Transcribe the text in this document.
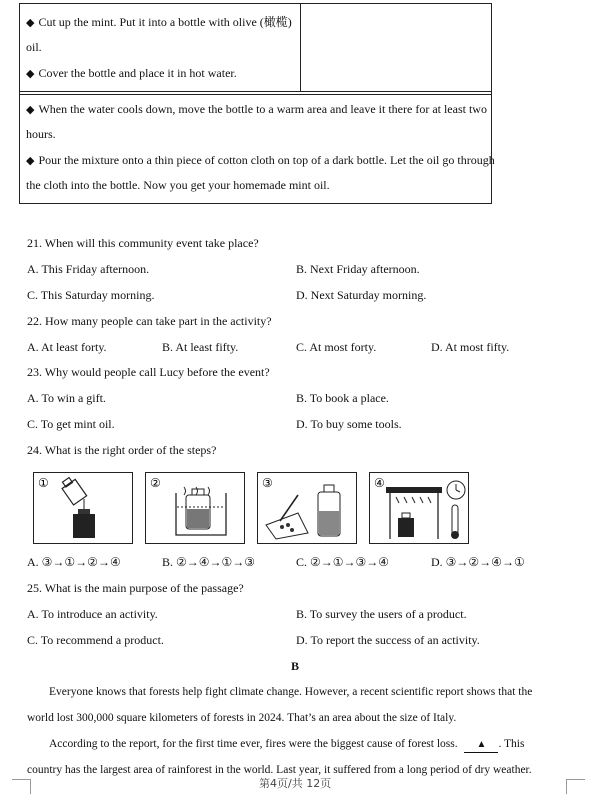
◆ Cut up the mint. Put it into a bottle with olive (橄榄)
oil.
◆ Cover the bottle and place it in hot water.
◆ When the water cools down, move the bottle to a warm area and leave it there for at least two
hours.
◆ Pour the mixture onto a thin piece of cotton cloth on top of a dark bottle. Let the oil go through
the cloth into the bottle. Now you get your homemade mint oil.
21. When will this community event take place?
A. This Friday afternoon.	B. Next Friday afternoon.
C. This Saturday morning.	D. Next Saturday morning.
22. How many people can take part in the activity?
A. At least forty.	B. At least fifty.	C. At most forty.	D. At most fifty.
23. Why would people call Lucy before the event?
A. To win a gift.	B. To book a place.
C. To get mint oil.	D. To buy some tools.
24. What is the right order of the steps?
①	②	③	④
A. ③→①→②→④	B. ②→④→①→③	C. ②→①→③→④	D. ③→②→④→①
25. What is the main purpose of the passage?
A. To introduce an activity.	B. To survey the users of a product.
C. To recommend a product.	D. To report the success of an activity.
B
Everyone knows that forests help fight climate change. However, a recent scientific report shows that the
world lost 300,000 square kilometers of forests in 2024. That’s an area about the size of Italy.
According to the report, for the first time ever, fires were the biggest cause of forest loss. ▲ . This
country has the largest area of rainforest in the world. Last year, it suffered from a long period of dry weather.
第4页/共 12页
